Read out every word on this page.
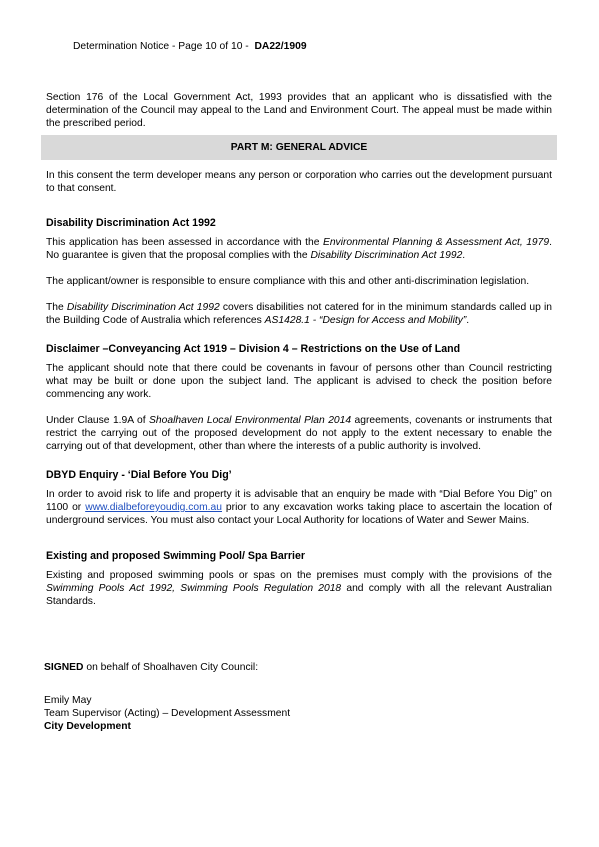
Determination Notice - Page 10 of 10 -  DA22/1909

Section 176 of the Local Government Act, 1993 provides that an applicant who is dissatisfied with the determination of the Council may appeal to the Land and Environment Court. The appeal must be made within the prescribed period.

PART M: GENERAL ADVICE

In this consent the term developer means any person or corporation who carries out the development pursuant to that consent.

Disability Discrimination Act 1992

This application has been assessed in accordance with the Environmental Planning & Assessment Act, 1979. No guarantee is given that the proposal complies with the Disability Discrimination Act 1992.

The applicant/owner is responsible to ensure compliance with this and other anti-discrimination legislation.

The Disability Discrimination Act 1992 covers disabilities not catered for in the minimum standards called up in the Building Code of Australia which references AS1428.1 - “Design for Access and Mobility”.

Disclaimer –Conveyancing Act 1919 – Division 4 – Restrictions on the Use of Land

The applicant should note that there could be covenants in favour of persons other than Council restricting what may be built or done upon the subject land. The applicant is advised to check the position before commencing any work.

Under Clause 1.9A of Shoalhaven Local Environmental Plan 2014 agreements, covenants or instruments that restrict the carrying out of the proposed development do not apply to the extent necessary to enable the carrying out of that development, other than where the interests of a public authority is involved.

DBYD Enquiry - ‘Dial Before You Dig’

In order to avoid risk to life and property it is advisable that an enquiry be made with “Dial Before You Dig” on 1100 or www.dialbeforeyoudig.com.au prior to any excavation works taking place to ascertain the location of underground services. You must also contact your Local Authority for locations of Water and Sewer Mains.

Existing and proposed Swimming Pool/ Spa Barrier

Existing and proposed swimming pools or spas on the premises must comply with the provisions of the Swimming Pools Act 1992, Swimming Pools Regulation 2018 and comply with all the relevant Australian Standards.

SIGNED on behalf of Shoalhaven City Council:
Emily May
Team Supervisor (Acting) – Development Assessment
City Development
